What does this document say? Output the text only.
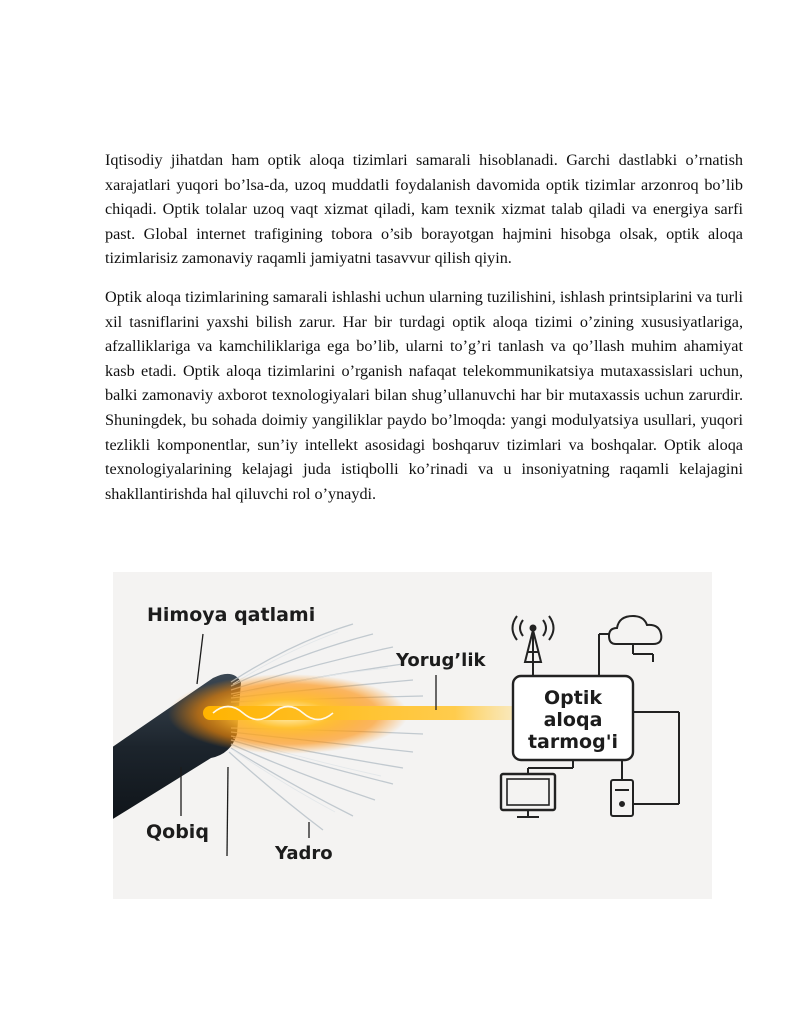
Iqtisodiy jihatdan ham optik aloqa tizimlari samarali hisoblanadi. Garchi dastlabki o’rnatish xarajatlari yuqori bo’lsa-da, uzoq muddatli foydalanish davomida optik tizimlar arzonroq bo’lib chiqadi. Optik tolalar uzoq vaqt xizmat qiladi, kam texnik xizmat talab qiladi va energiya sarfi past. Global internet trafigining tobora o’sib borayotgan hajmini hisobga olsak, optik aloqa tizimlarisiz zamonaviy raqamli jamiyatni tasavvur qilish qiyin.

Optik aloqa tizimlarining samarali ishlashi uchun ularning tuzilishini, ishlash printsiplarini va turli xil tasniflarini yaxshi bilish zarur. Har bir turdagi optik aloqa tizimi o’zining xususiyatlariga, afzalliklariga va kamchiliklariga ega bo’lib, ularni to’g’ri tanlash va qo’llash muhim ahamiyat kasb etadi. Optik aloqa tizimlarini o’rganish nafaqat telekommunikatsiya mutaxassislari uchun, balki zamonaviy axborot texnologiyalari bilan shug’ullanuvchi har bir mutaxassis uchun zarurdir. Shuningdek, bu sohada doimiy yangiliklar paydo bo’lmoqda: yangi modulyatsiya usullari, yuqori tezlikli komponentlar, sun’iy intellekt asosidagi boshqaruv tizimlari va boshqalar. Optik aloqa texnologiyalarining kelajagi juda istiqbolli ko’rinadi va u insoniyatning raqamli kelajagini shakllantirishda hal qiluvchi rol o’ynaydi.

Himoya qatlami
Yorug’lik
Qobiq
Yadro
Optik
aloqa
tarmog'i
